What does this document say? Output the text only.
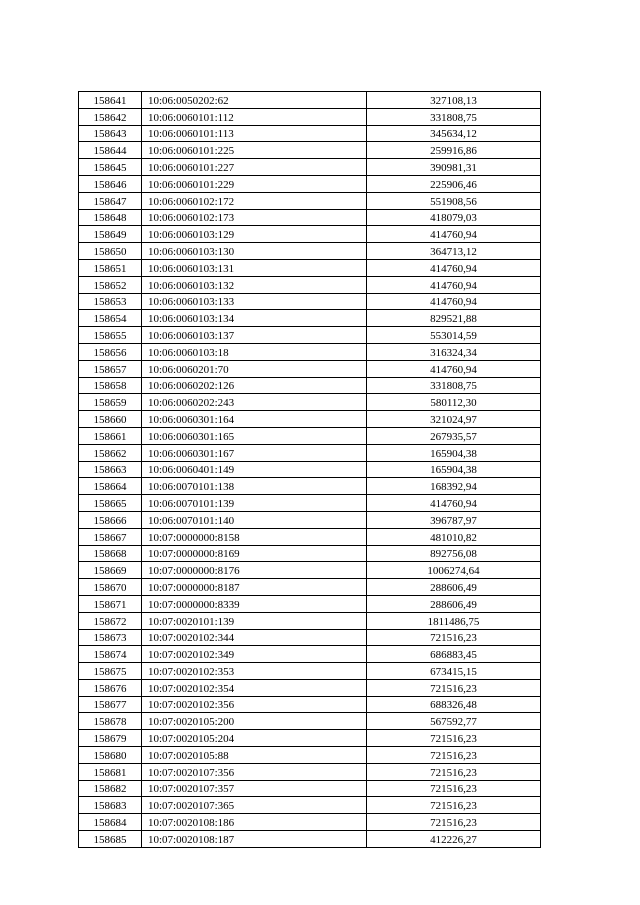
158641	10:06:0050202:62	327108,13
158642	10:06:0060101:112	331808,75
158643	10:06:0060101:113	345634,12
158644	10:06:0060101:225	259916,86
158645	10:06:0060101:227	390981,31
158646	10:06:0060101:229	225906,46
158647	10:06:0060102:172	551908,56
158648	10:06:0060102:173	418079,03
158649	10:06:0060103:129	414760,94
158650	10:06:0060103:130	364713,12
158651	10:06:0060103:131	414760,94
158652	10:06:0060103:132	414760,94
158653	10:06:0060103:133	414760,94
158654	10:06:0060103:134	829521,88
158655	10:06:0060103:137	553014,59
158656	10:06:0060103:18	316324,34
158657	10:06:0060201:70	414760,94
158658	10:06:0060202:126	331808,75
158659	10:06:0060202:243	580112,30
158660	10:06:0060301:164	321024,97
158661	10:06:0060301:165	267935,57
158662	10:06:0060301:167	165904,38
158663	10:06:0060401:149	165904,38
158664	10:06:0070101:138	168392,94
158665	10:06:0070101:139	414760,94
158666	10:06:0070101:140	396787,97
158667	10:07:0000000:8158	481010,82
158668	10:07:0000000:8169	892756,08
158669	10:07:0000000:8176	1006274,64
158670	10:07:0000000:8187	288606,49
158671	10:07:0000000:8339	288606,49
158672	10:07:0020101:139	1811486,75
158673	10:07:0020102:344	721516,23
158674	10:07:0020102:349	686883,45
158675	10:07:0020102:353	673415,15
158676	10:07:0020102:354	721516,23
158677	10:07:0020102:356	688326,48
158678	10:07:0020105:200	567592,77
158679	10:07:0020105:204	721516,23
158680	10:07:0020105:88	721516,23
158681	10:07:0020107:356	721516,23
158682	10:07:0020107:357	721516,23
158683	10:07:0020107:365	721516,23
158684	10:07:0020108:186	721516,23
158685	10:07:0020108:187	412226,27
